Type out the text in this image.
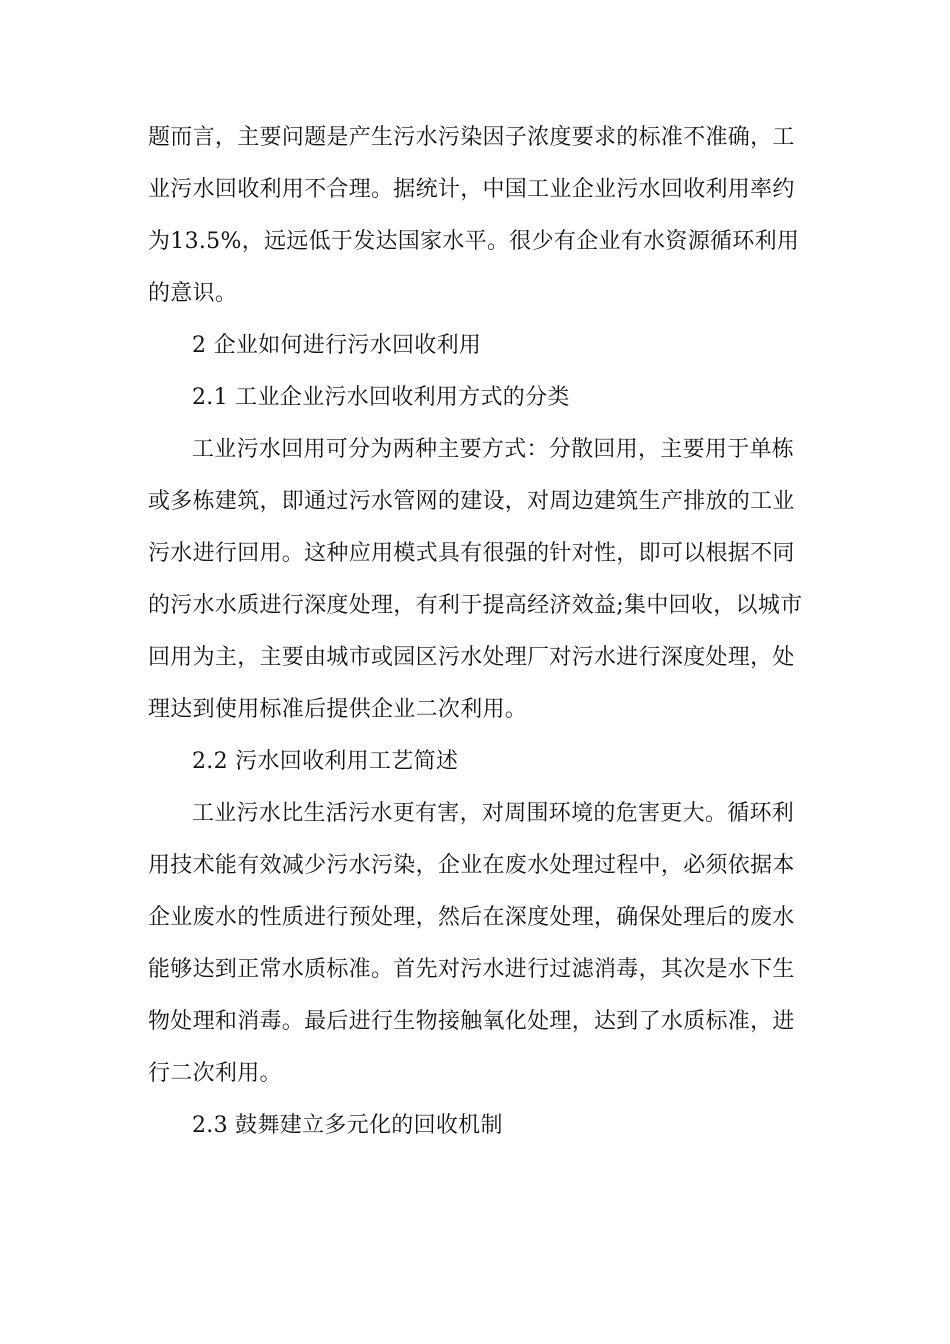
题而言，主要问题是产生污水污染因子浓度要求的标准不准确，工
业污水回收利用不合理。据统计，中国工业企业污水回收利用率约
为13.5%，远远低于发达国家水平。很少有企业有水资源循环利用
的意识。
2 企业如何进行污水回收利用
2.1 工业企业污水回收利用方式的分类
工业污水回用可分为两种主要方式：分散回用，主要用于单栋
或多栋建筑，即通过污水管网的建设，对周边建筑生产排放的工业
污水进行回用。这种应用模式具有很强的针对性，即可以根据不同
的污水水质进行深度处理，有利于提高经济效益;集中回收，以城市
回用为主，主要由城市或园区污水处理厂对污水进行深度处理，处
理达到使用标准后提供企业二次利用。
2.2 污水回收利用工艺简述
工业污水比生活污水更有害，对周围环境的危害更大。循环利
用技术能有效减少污水污染，企业在废水处理过程中，必须依据本
企业废水的性质进行预处理，然后在深度处理，确保处理后的废水
能够达到正常水质标准。首先对污水进行过滤消毒，其次是水下生
物处理和消毒。最后进行生物接触氧化处理，达到了水质标准，进
行二次利用。
2.3 鼓舞建立多元化的回收机制
